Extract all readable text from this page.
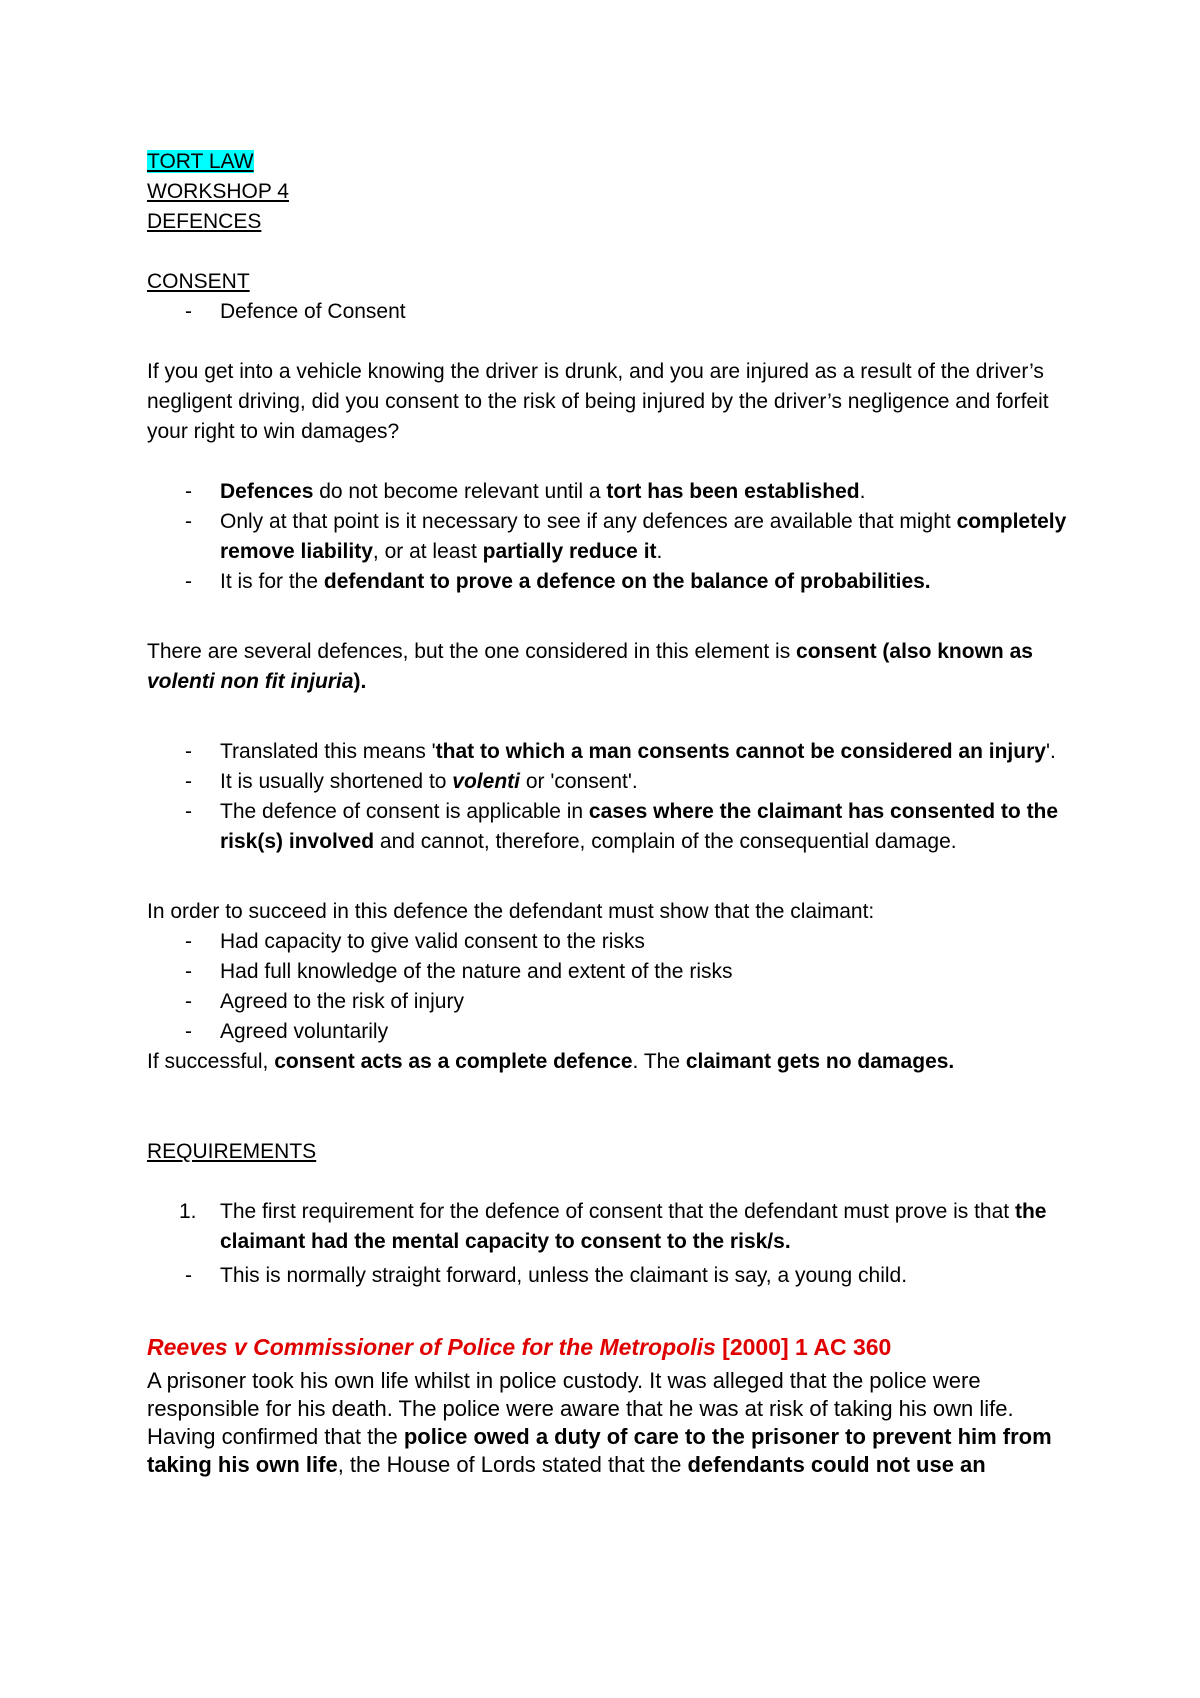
TORT LAW
WORKSHOP 4
DEFENCES
CONSENT
- Defence of Consent

If you get into a vehicle knowing the driver is drunk, and you are injured as a result of the driver’s negligent driving, did you consent to the risk of being injured by the driver’s negligence and forfeit your right to win damages?

- Defences do not become relevant until a tort has been established.
- Only at that point is it necessary to see if any defences are available that might completely remove liability, or at least partially reduce it.
- It is for the defendant to prove a defence on the balance of probabilities.

There are several defences, but the one considered in this element is consent (also known as volenti non fit injuria).

- Translated this means 'that to which a man consents cannot be considered an injury'.
- It is usually shortened to volenti or 'consent'.
- The defence of consent is applicable in cases where the claimant has consented to the risk(s) involved and cannot, therefore, complain of the consequential damage.

In order to succeed in this defence the defendant must show that the claimant:

- Had capacity to give valid consent to the risks
- Had full knowledge of the nature and extent of the risks
- Agreed to the risk of injury
- Agreed voluntarily

If successful, consent acts as a complete defence. The claimant gets no damages.

REQUIREMENTS
1. The first requirement for the defence of consent that the defendant must prove is that the claimant had the mental capacity to consent to the risk/s.
- This is normally straight forward, unless the claimant is say, a young child.
Reeves v Commissioner of Police for the Metropolis [2000] 1 AC 360

A prisoner took his own life whilst in police custody. It was alleged that the police were responsible for his death. The police were aware that he was at risk of taking his own life. Having confirmed that the police owed a duty of care to the prisoner to prevent him from taking his own life, the House of Lords stated that the defendants could not use an
